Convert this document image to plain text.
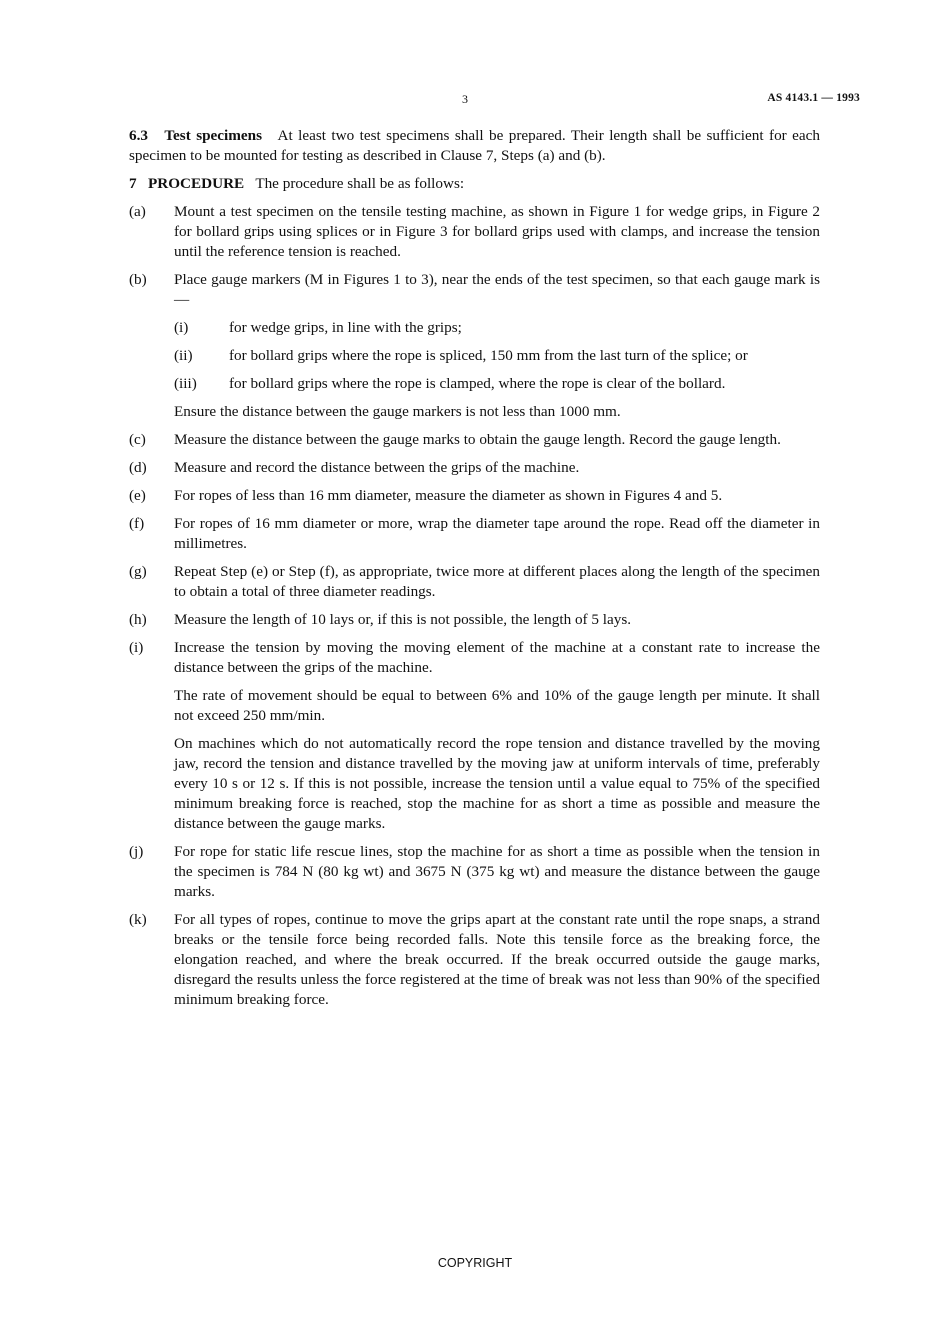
3	AS 4143.1 — 1993

6.3 Test specimens At least two test specimens shall be prepared. Their length shall be sufficient for each specimen to be mounted for testing as described in Clause 7, Steps (a) and (b).

7 PROCEDURE The procedure shall be as follows:

(a) Mount a test specimen on the tensile testing machine, as shown in Figure 1 for wedge grips, in Figure 2 for bollard grips using splices or in Figure 3 for bollard grips used with clamps, and increase the tension until the reference tension is reached.

(b) Place gauge markers (M in Figures 1 to 3), near the ends of the test specimen, so that each gauge mark is—

(i)	for wedge grips, in line with the grips;

(ii) for bollard grips where the rope is spliced, 150 mm from the last turn of the splice; or

(iii) for bollard grips where the rope is clamped, where the rope is clear of the bollard.

Ensure the distance between the gauge markers is not less than 1000 mm.

(c) Measure the distance between the gauge marks to obtain the gauge length. Record the gauge length.

(d) Measure and record the distance between the grips of the machine.

(e) For ropes of less than 16 mm diameter, measure the diameter as shown in Figures 4 and 5.

(f) For ropes of 16 mm diameter or more, wrap the diameter tape around the rope. Read off the diameter in millimetres.

(g) Repeat Step (e) or Step (f), as appropriate, twice more at different places along the length of the specimen to obtain a total of three diameter readings.

(h) Measure the length of 10 lays or, if this is not possible, the length of 5 lays.

(i) Increase the tension by moving the moving element of the machine at a constant rate to increase the distance between the grips of the machine.

The rate of movement should be equal to between 6% and 10% of the gauge length per minute. It shall not exceed 250 mm/min.

On machines which do not automatically record the rope tension and distance travelled by the moving jaw, record the tension and distance travelled by the moving jaw at uniform intervals of time, preferably every 10 s or 12 s. If this is not possible, increase the tension until a value equal to 75% of the specified minimum breaking force is reached, stop the machine for as short a time as possible and measure the distance between the gauge marks.

(j) For rope for static life rescue lines, stop the machine for as short a time as possible when the tension in the specimen is 784 N (80 kg wt) and 3675 N (375 kg wt) and measure the distance between the gauge marks.

(k) For all types of ropes, continue to move the grips apart at the constant rate until the rope snaps, a strand breaks or the tensile force being recorded falls. Note this tensile force as the breaking force, the elongation reached, and where the break occurred. If the break occurred outside the gauge marks, disregard the results unless the force registered at the time of break was not less than 90% of the specified minimum breaking force.

COPYRIGHT
